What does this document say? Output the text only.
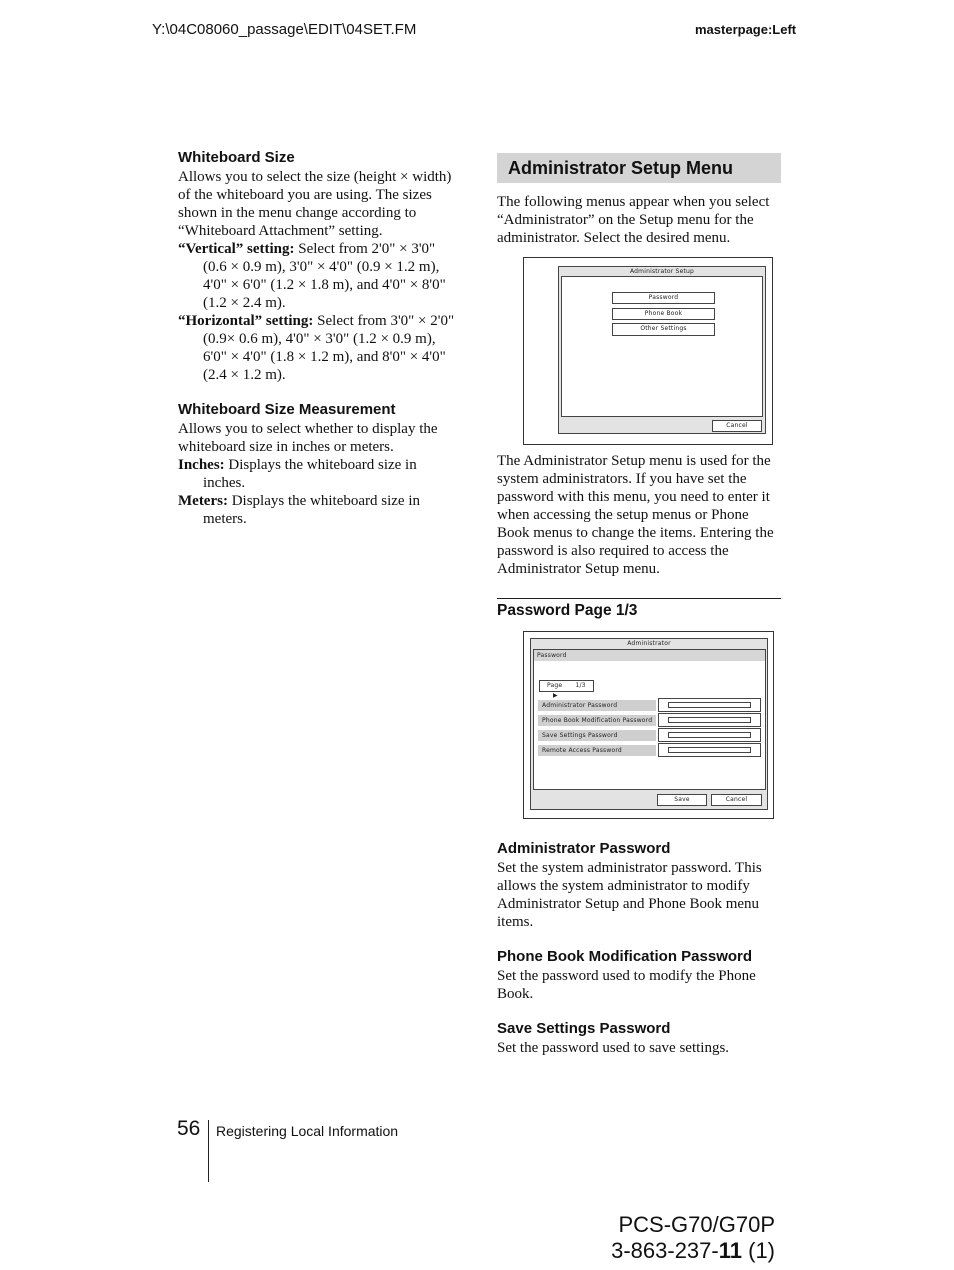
Y:\04C08060_passage\EDIT\04SET.FM	masterpage:Left
Whiteboard Size

Allows you to select the size (height × width) of the whiteboard you are using. The sizes shown in the menu change according to “Whiteboard Attachment” setting.

“Vertical” setting: Select from 2'0" × 3'0" (0.6 × 0.9 m), 3'0" × 4'0" (0.9 × 1.2 m), 4'0" × 6'0" (1.2 × 1.8 m), and 4'0" × 8'0" (1.2 × 2.4 m).

“Horizontal” setting: Select from 3'0" × 2'0" (0.9× 0.6 m), 4'0" × 3'0" (1.2 × 0.9 m), 6'0" × 4'0" (1.8 × 1.2 m), and 8'0" × 4'0" (2.4 × 1.2 m).

Whiteboard Size Measurement

Allows you to select whether to display the whiteboard size in inches or meters.

Inches: Displays the whiteboard size in inches.

Meters: Displays the whiteboard size in meters.

Administrator Setup Menu

The following menus appear when you select “Administrator” on the Setup menu for the administrator. Select the desired menu.

Administrator Setup
Password
Phone Book
Other Settings
Cancel

The Administrator Setup menu is used for the system administrators. If you have set the password with this menu, you need to enter it when accessing the setup menus or Phone Book menus to change the items. Entering the password is also required to access the Administrator Setup menu.

Password Page 1/3
Administrator
Password
Page 1/3 ▶
Administrator Password
Phone Book Modification Password
Save Settings Password
Remote Access Password
Save	Cancel
Administrator Password

Set the system administrator password. This allows the system administrator to modify Administrator Setup and Phone Book menu items.

Phone Book Modification Password

Set the password used to modify the Phone Book.

Save Settings Password

Set the password used to save settings.

56 Registering Local Information
PCS-G70/G70P
3-863-237-11 (1)
